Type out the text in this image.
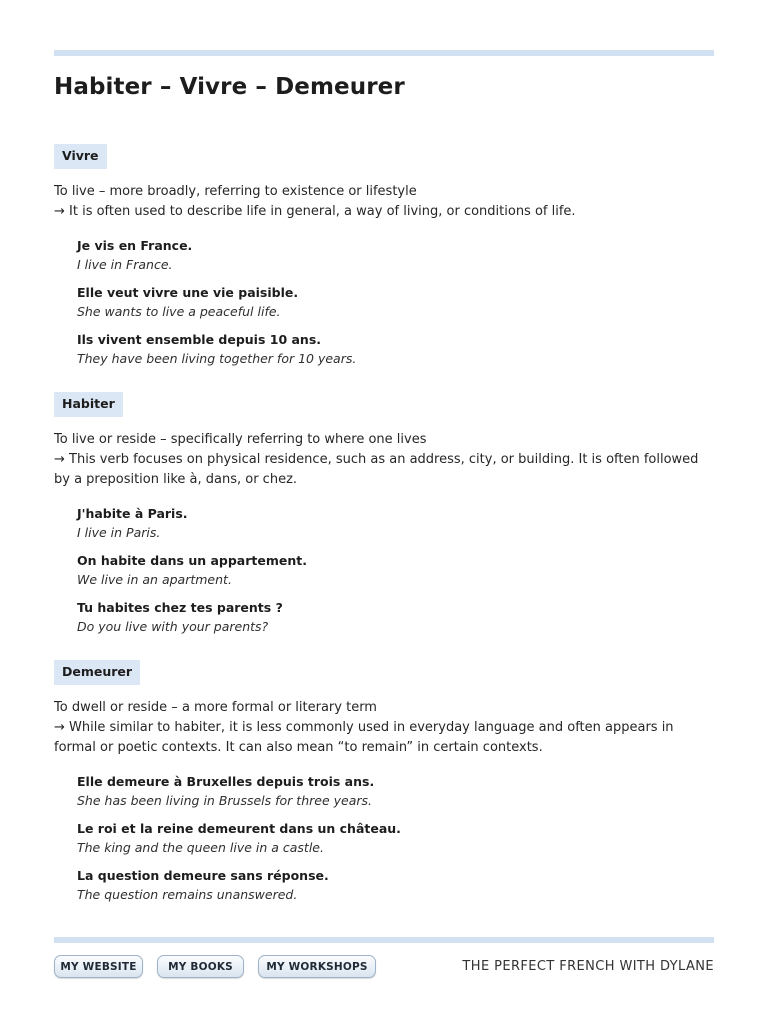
Habiter – Vivre – Demeurer
Vivre
To live – more broadly, referring to existence or lifestyle
→ It is often used to describe life in general, a way of living, or conditions of life.
Je vis en France.
I live in France.
Elle veut vivre une vie paisible.
She wants to live a peaceful life.
Ils vivent ensemble depuis 10 ans.
They have been living together for 10 years.
Habiter
To live or reside – specifically referring to where one lives
→ This verb focuses on physical residence, such as an address, city, or building. It is often followed by a preposition like à, dans, or chez.
J'habite à Paris.
I live in Paris.
On habite dans un appartement.
We live in an apartment.
Tu habites chez tes parents ?
Do you live with your parents?
Demeurer
To dwell or reside – a more formal or literary term
→ While similar to habiter, it is less commonly used in everyday language and often appears in formal or poetic contexts. It can also mean “to remain” in certain contexts.
Elle demeure à Bruxelles depuis trois ans.
She has been living in Brussels for three years.
Le roi et la reine demeurent dans un château.
The king and the queen live in a castle.
La question demeure sans réponse.
The question remains unanswered.
MY WEBSITE	MY BOOKS	MY WORKSHOPS	THE PERFECT FRENCH WITH DYLANE
